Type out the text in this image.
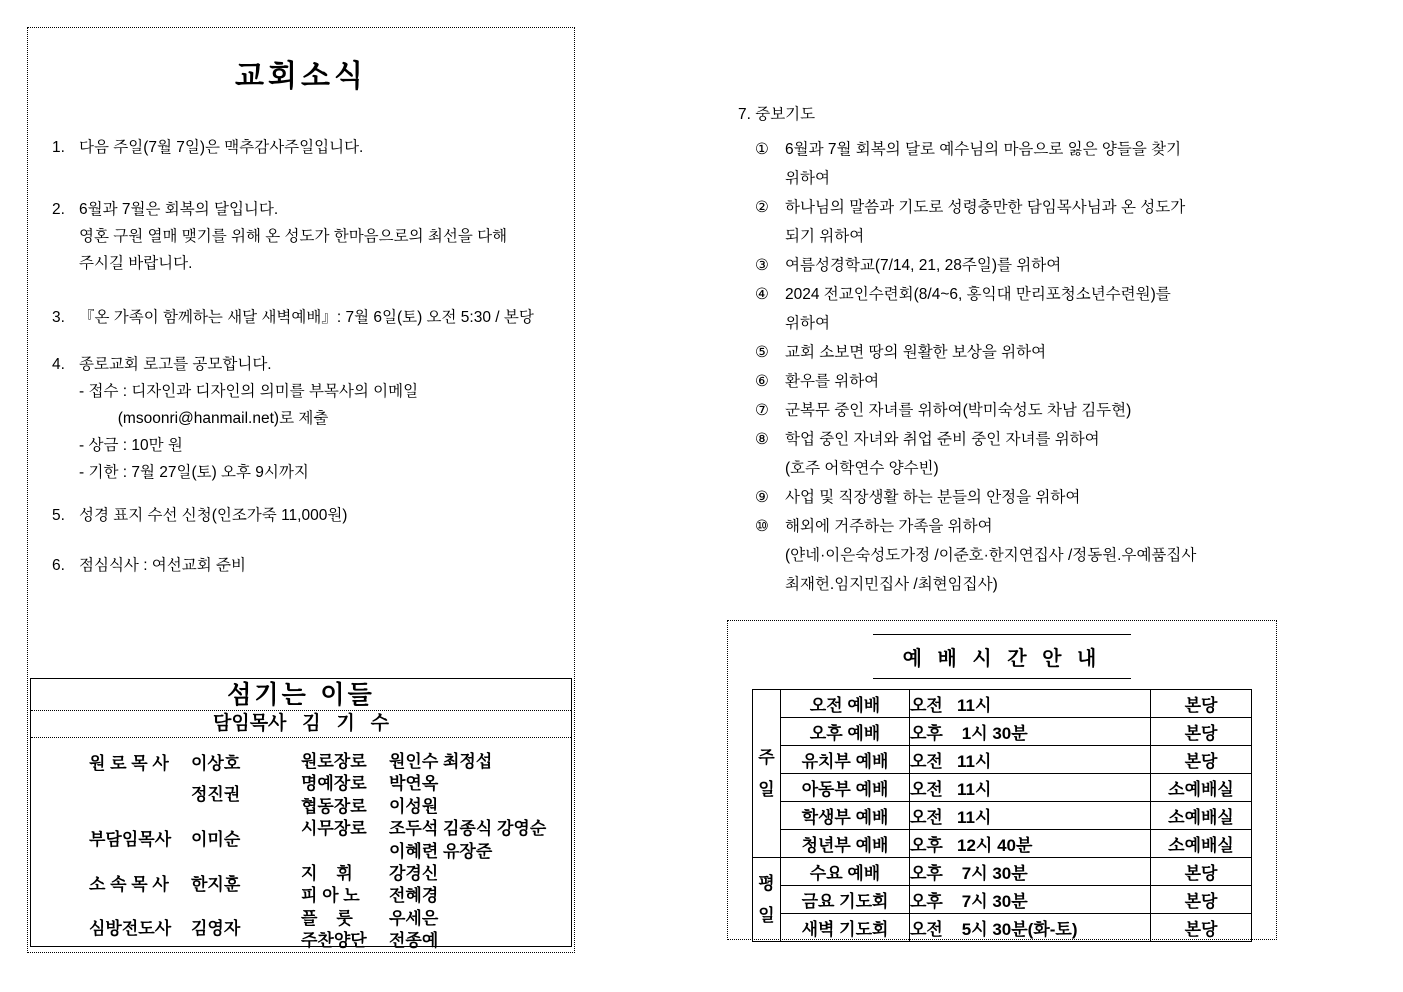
교회소식
1. 다음 주일(7월 7일)은 맥추감사주일입니다.
2. 6월과 7월은 회복의 달입니다.
영혼 구원 열매 맺기를 위해 온 성도가 한마음으로의 최선을 다해
주시길 바랍니다.
3. 『온 가족이 함께하는 새달 새벽예배』: 7월 6일(토) 오전 5:30 / 본당
4. 종로교회 로고를 공모합니다.
- 접수 : 디자인과 디자인의 의미를 부목사의 이메일
(msoonri@hanmail.net)로 제출
- 상금 : 10만 원
- 기한 : 7월 27일(토) 오후 9시까지
5. 성경 표지 수선 신청(인조가죽 11,000원)
6. 점심식사 : 여선교회 준비
섬기는 이들
담임목사   김   기   수
원 로 목 사	이상호
정진권
부담임목사	이미순
소 속 목 사	한지훈
심방전도사	김영자
원로장로	원인수 최정섭
명예장로	박연옥
협동장로	이성원
시무장로	조두석 김종식 강영순
이혜련 유장준
지    휘	강경신
피 아 노	전혜경
플    룻	우세은
주찬양단	전종예
7. 중보기도
①	6월과 7월 회복의 달로 예수님의 마음으로 잃은 양들을 찾기
위하여
②	하나님의 말씀과 기도로 성령충만한 담임목사님과 온 성도가
되기 위하여
③	여름성경학교(7/14, 21, 28주일)를 위하여
④	2024 전교인수련회(8/4~6, 홍익대 만리포청소년수련원)를
위하여
⑤	교회 소보면 땅의 원활한 보상을 위하여
⑥	환우를 위하여
⑦	군복무 중인 자녀를 위하여(박미숙성도 차남 김두현)
⑧	학업 중인 자녀와 취업 준비 중인 자녀를 위하여
(호주 어학연수 양수빈)
⑨	사업 및 직장생활 하는 분들의 안정을 위하여
⑩	해외에 거주하는 가족을 위하여
(얀네·이은숙성도가정 /이준호·한지연집사 /정동원.우예품집사
최재헌.임지민집사 /최현임집사)
예 배 시 간 안 내
주일	오전 예배	오전   11시	본당
	오후 예배	오후    1시 30분	본당
	유치부 예배	오전   11시	본당
	아동부 예배	오전   11시	소예배실
	학생부 예배	오전   11시	소예배실
	청년부 예배	오후   12시 40분	소예배실
평일	수요 예배	오후    7시 30분	본당
	금요 기도회	오후    7시 30분	본당
	새벽 기도회	오전    5시 30분(화-토)	본당
